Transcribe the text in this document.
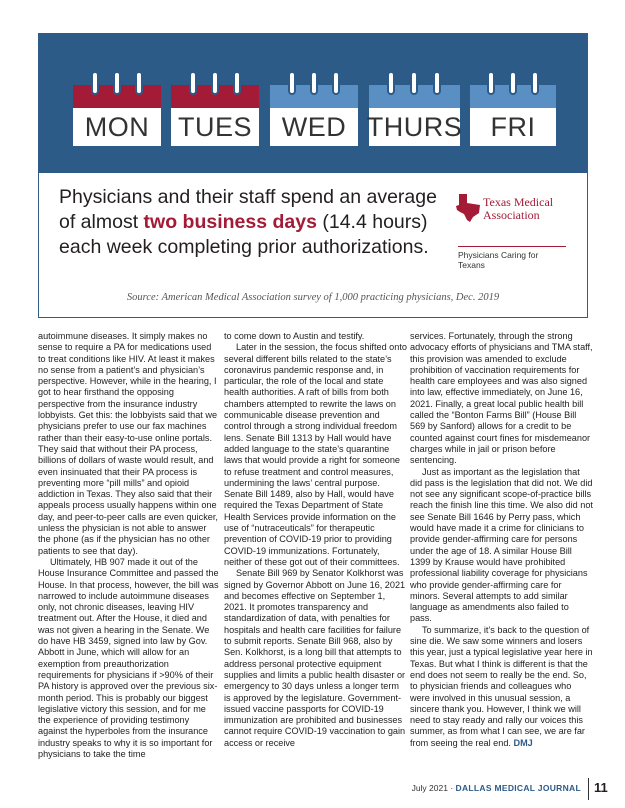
MON	TUES	WED THURS	FRI
Physicians and their staff spend an average of almost two business days (14.4 hours) each week completing prior authorizations.
Texas Medical
Association
Physicians Caring for Texans
Source: American Medical Association survey of 1,000 practicing physicians, Dec. 2019

autoimmune diseases. It simply makes no sense to require a PA for medications used to treat conditions like HIV. At least it makes no sense from a patient’s and physician’s perspective. However, while in the hearing, I got to hear firsthand the opposing perspective from the insurance industry lobbyists. Get this: the lobbyists said that we physicians prefer to use our fax machines rather than their easy-to-use online portals. They said that without their PA process, billions of dollars of waste would result, and even insinuated that their PA process is preventing more “pill mills” and opioid addiction in Texas. They also said that their appeals process usually happens within one day, and peer-to-peer calls are even quicker, unless the physician is not able to answer the phone (as if the physician has no other patients to see that day).

Ultimately, HB 907 made it out of the House Insurance Committee and passed the House. In that process, however, the bill was narrowed to include autoimmune diseases only, not chronic diseases, leaving HIV treatment out. After the House, it died and was not given a hearing in the Senate. We do have HB 3459, signed into law by Gov. Abbott in June, which will allow for an exemption from preauthorization requirements for physicians if >90% of their PA history is approved over the previous six-month period. This is probably our biggest legislative victory this session, and for me the experience of providing testimony against the hyperboles from the insurance industry speaks to why it is so important for physicians to take the time

to come down to Austin and testify.

Later in the session, the focus shifted onto several different bills related to the state’s coronavirus pandemic response and, in particular, the role of the local and state health authorities. A raft of bills from both chambers attempted to rewrite the laws on communicable disease prevention and control through a strong individual freedom lens. Senate Bill 1313 by Hall would have added language to the state’s quarantine laws that would provide a right for someone to refuse treatment and control measures, undermining the laws’ central purpose. Senate Bill 1489, also by Hall, would have required the Texas Department of State Health Services provide information on the use of “nutraceuticals” for therapeutic prevention of COVID-19 prior to providing COVID-19 immunizations. Fortunately, neither of these got out of their committees.

Senate Bill 969 by Senator Kolkhorst was signed by Governor Abbott on June 16, 2021 and becomes effective on September 1, 2021. It promotes transparency and standardization of data, with penalties for hospitals and health care facilities for failure to submit reports. Senate Bill 968, also by Sen. Kolkhorst, is a long bill that attempts to address personal protective equipment supplies and limits a public health disaster or emergency to 30 days unless a longer term is approved by the legislature. Government-issued vaccine passports for COVID-19 immunization are prohibited and businesses cannot require COVID-19 vaccination to gain access or receive

services. Fortunately, through the strong advocacy efforts of physicians and TMA staff, this provision was amended to exclude prohibition of vaccination requirements for health care employees and was also signed into law, effective immediately, on June 16, 2021. Finally, a great local public health bill called the “Bonton Farms Bill” (House Bill 569 by Sanford) allows for a credit to be counted against court fines for misdemeanor charges while in jail or prison before sentencing.

Just as important as the legislation that did pass is the legislation that did not. We did not see any significant scope-of-practice bills reach the finish line this time. We also did not see Senate Bill 1646 by Perry pass, which would have made it a crime for clinicians to provide gender-affirming care for persons under the age of 18. A similar House Bill 1399 by Krause would have prohibited professional liability coverage for physicians who provide gender-affirming care for minors. Several attempts to add similar language as amendments also failed to pass.

To summarize, it’s back to the question of sine die. We saw some winners and losers this year, just a typical legislative year here in Texas. But what I think is different is that the end does not seem to really be the end. So, to physician friends and colleagues who were involved in this unusual session, a sincere thank you. However, I think we will need to stay ready and rally our voices this summer, as from what I can see, we are far from seeing the real end. DMJ

July 2021 · DALLAS MEDICAL JOURNAL 11
